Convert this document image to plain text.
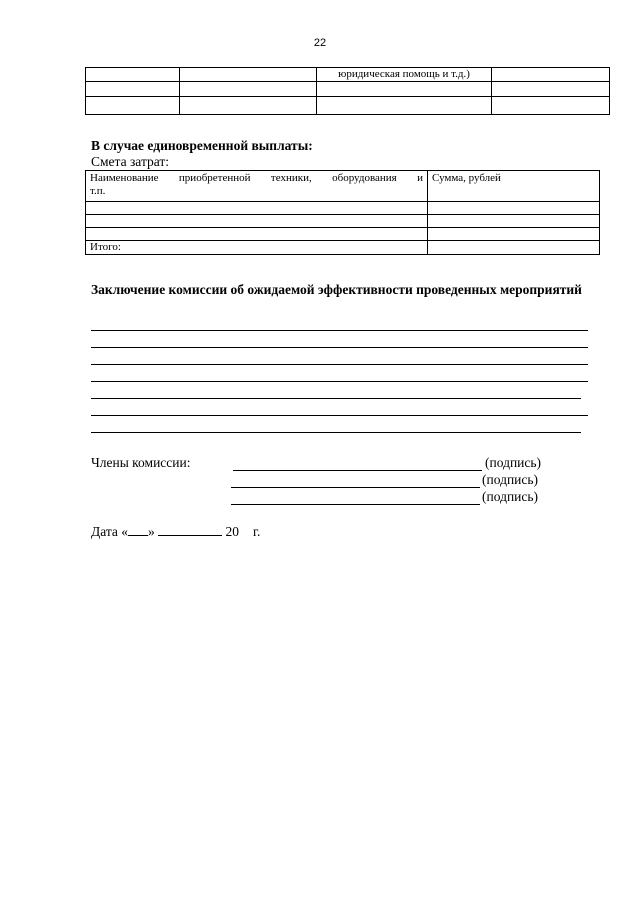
22
		юридическая помощь и т.д.)	

В случае единовременной выплаты:
Смета затрат:
Наименование приобретенной техники, оборудования и
т.п.	Сумма, рублей

Итого:	
Заключение комиссии об ожидаемой эффективности проведенных мероприятий
Члены комиссии:	(подпись)
(подпись)
(подпись)
Дата « »	20 г.
